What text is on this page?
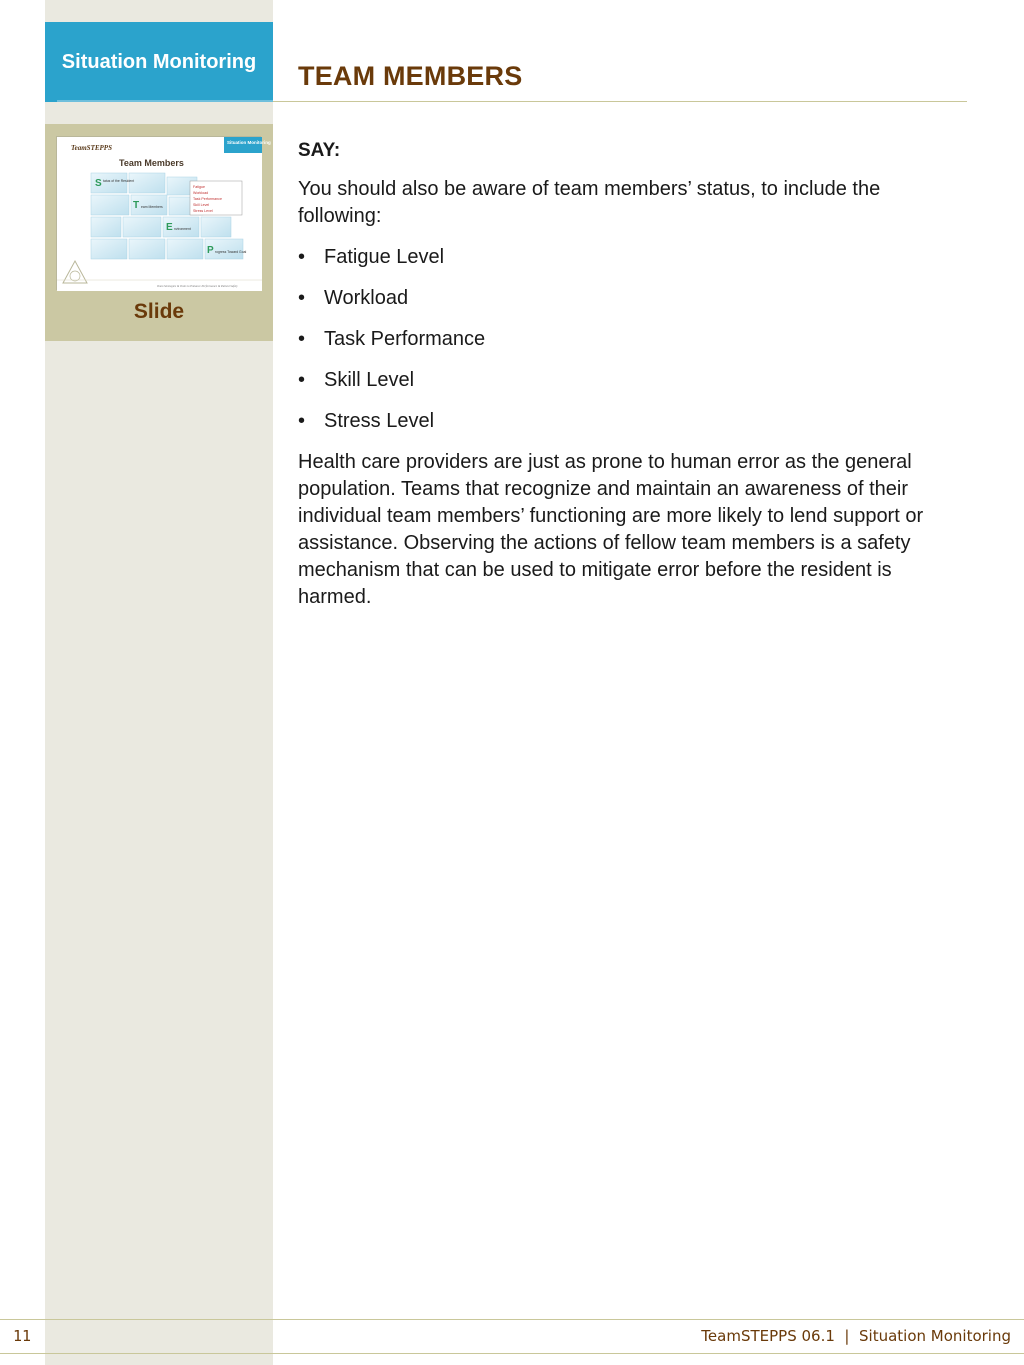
Situation Monitoring
Situation Monitoring
TeamSTEPPS
Team Members
S tatus of the Resident
T eam Members
E nvironment
P rogress Toward Goal
Fatigue
Workload
Task Performance
Skill Level
Stress Level
Team Strategies & Tools to Enhance Performance & Patient Safety
Slide
TEAM MEMBERS
SAY:

You should also be aware of team members’ status, to include the following:

• Fatigue Level
• Workload
• Task Performance
• Skill Level
• Stress Level

Health care providers are just as prone to human error as the general population. Teams that recognize and maintain an awareness of their individual team members’ functioning are more likely to lend support or assistance. Observing the actions of fellow team members is a safety mechanism that can be used to mitigate error before the resident is harmed.

11	TeamSTEPPS 06.1  |  Situation Monitoring
